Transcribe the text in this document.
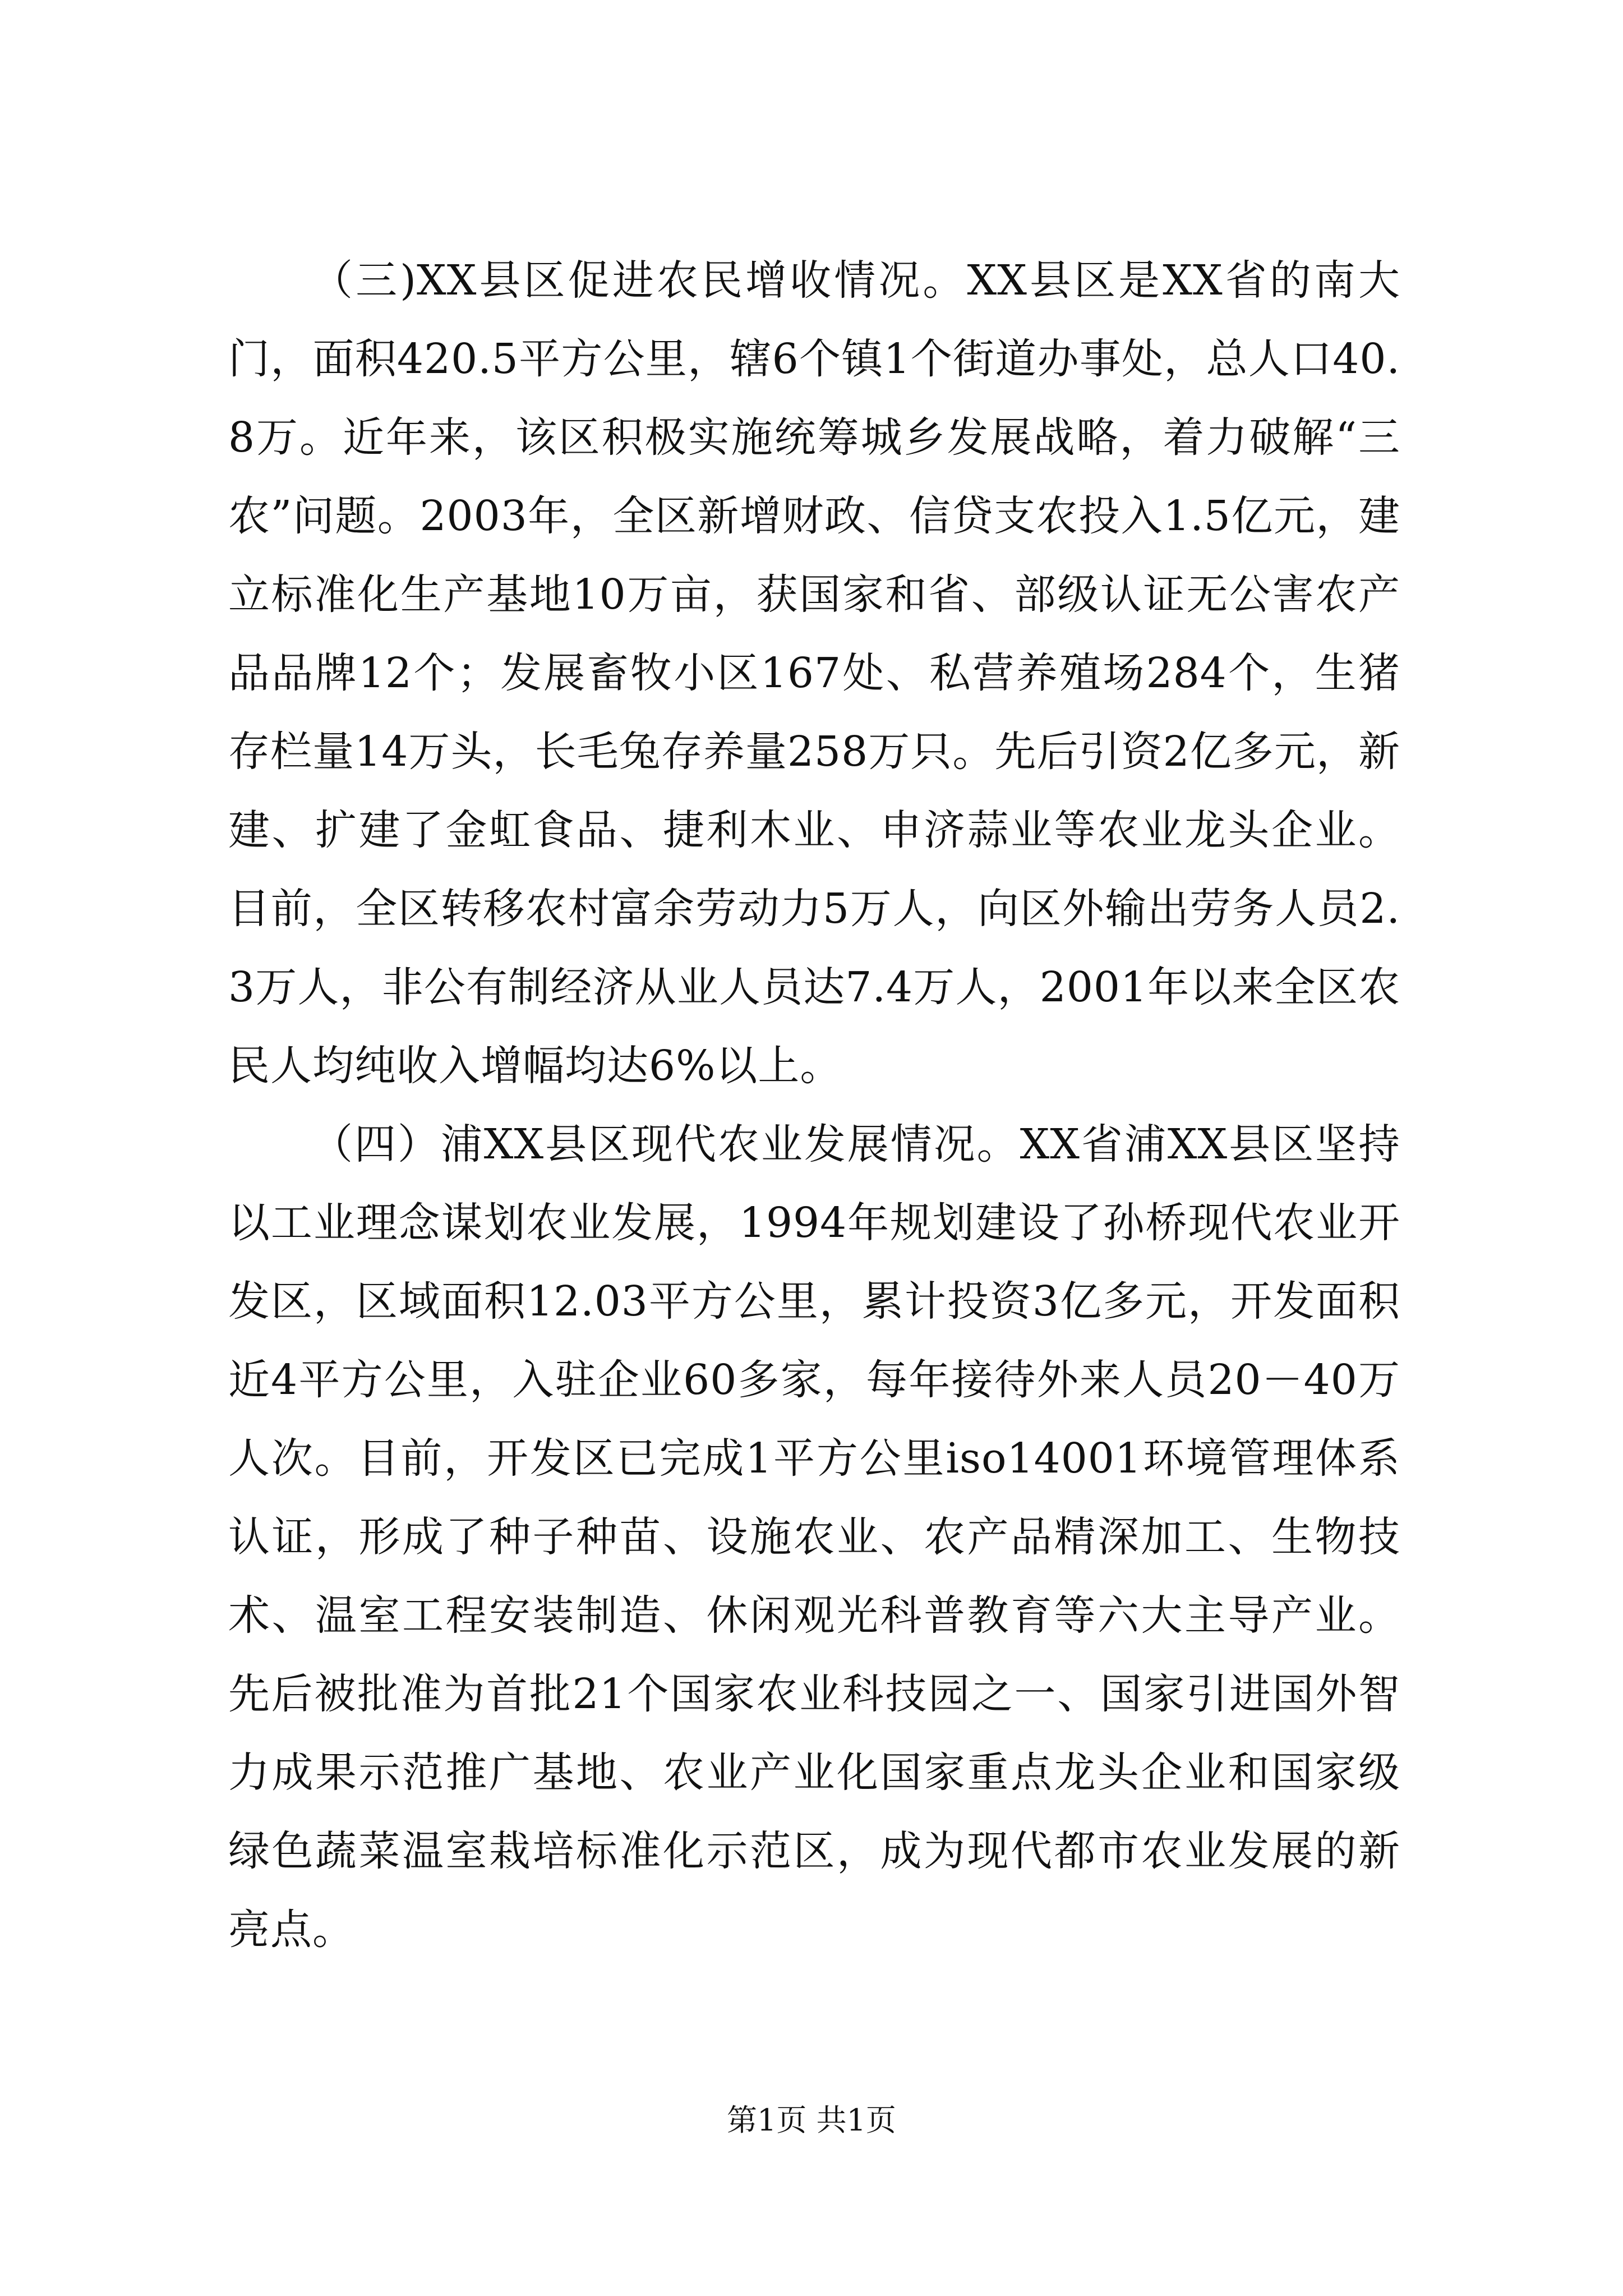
（三)XX县区促进农民增收情况。XX县区是XX省的南大门，面积420.5平方公里，辖6个镇1个街道办事处，总人口40.8万。近年来，该区积极实施统筹城乡发展战略，着力破解“三农”问题。2003年，全区新增财政、信贷支农投入1.5亿元，建立标准化生产基地10万亩，获国家和省、部级认证无公害农产品品牌12个；发展畜牧小区167处、私营养殖场284个，生猪存栏量14万头，长毛兔存养量258万只。先后引资2亿多元，新建、扩建了金虹食品、捷利木业、申济蒜业等农业龙头企业。目前，全区转移农村富余劳动力5万人，向区外输出劳务人员2.3万人，非公有制经济从业人员达7.4万人，2001年以来全区农民人均纯收入增幅均达6%以上。

（四）浦XX县区现代农业发展情况。XX省浦XX县区坚持以工业理念谋划农业发展，1994年规划建设了孙桥现代农业开发区，区域面积12.03平方公里，累计投资3亿多元，开发面积近4平方公里，入驻企业60多家，每年接待外来人员20－40万人次。目前，开发区已完成1平方公里iso14001环境管理体系认证，形成了种子种苗、设施农业、农产品精深加工、生物技术、温室工程安装制造、休闲观光科普教育等六大主导产业。先后被批准为首批21个国家农业科技园之一、国家引进国外智力成果示范推广基地、农业产业化国家重点龙头企业和国家级绿色蔬菜温室栽培标准化示范区，成为现代都市农业发展的新亮点。

第1页 共1页
